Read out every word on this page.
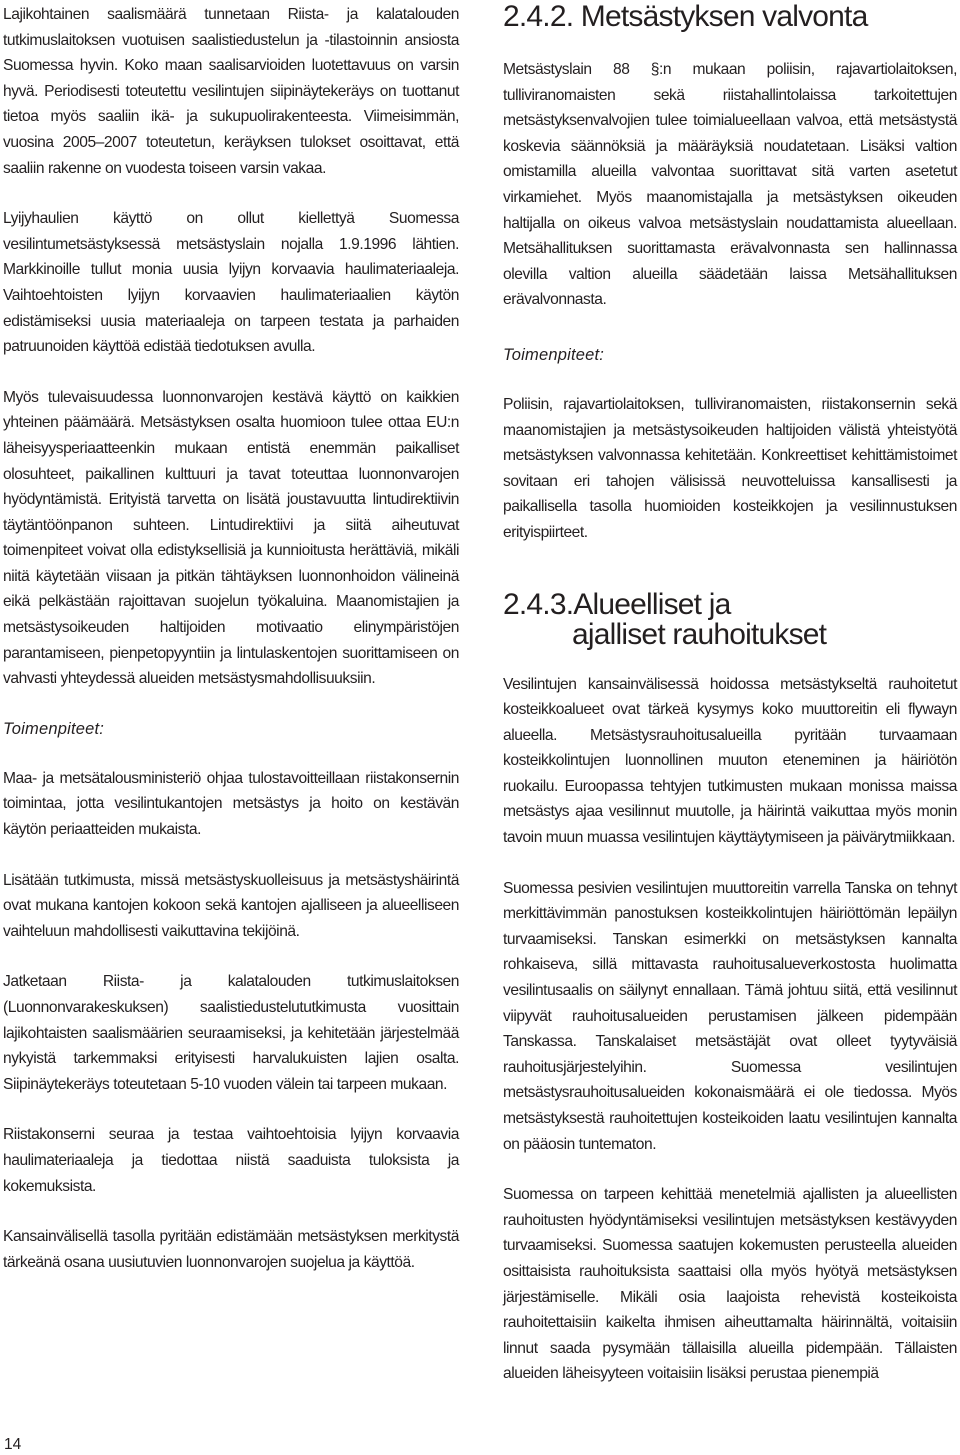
Lajikohtainen saalismäärä tunnetaan Riista- ja kalatalouden tutkimuslaitoksen vuotuisen saalistiedustelun ja -tilastoinnin ansiosta Suomessa hyvin. Koko maan saalisarvioiden luotettavuus on varsin hyvä. Periodisesti toteutettu vesilintujen siipinäytekeräys on tuottanut tietoa myös saaliin ikä- ja sukupuolirakenteesta. Viimeisimmän, vuosina 2005–2007 toteutetun, keräyksen tulokset osoittavat, että saaliin rakenne on vuodesta toiseen varsin vakaa.

Lyijyhaulien käyttö on ollut kiellettyä Suomessa vesilintumetsästyksessä metsästyslain nojalla 1.9.1996 lähtien. Markkinoille tullut monia uusia lyijyn korvaavia haulimateriaaleja. Vaihtoehtoisten lyijyn korvaavien haulimateriaalien käytön edistämiseksi uusia materiaaleja on tarpeen testata ja parhaiden patruunoiden käyttöä edistää tiedotuksen avulla.

Myös tulevaisuudessa luonnonvarojen kestävä käyttö on kaikkien yhteinen päämäärä. Metsästyksen osalta huomioon tulee ottaa EU:n läheisyysperiaatteenkin mukaan entistä enemmän paikalliset olosuhteet, paikallinen kulttuuri ja tavat toteuttaa luonnonvarojen hyödyntämistä. Erityistä tarvetta on lisätä joustavuutta lintudirektiivin täytäntöönpanon suhteen. Lintudirektiivi ja siitä aiheutuvat toimenpiteet voivat olla edistyksellisiä ja kunnioitusta herättäviä, mikäli niitä käytetään viisaan ja pitkän tähtäyksen luonnonhoidon välineinä eikä pelkästään rajoittavan suojelun työkaluina. Maanomistajien ja metsästysoikeuden haltijoiden motivaatio elinympäristöjen parantamiseen, pienpetopyyntiin ja lintulaskentojen suorittamiseen on vahvasti yhteydessä alueiden metsästysmahdollisuuksiin.

Toimenpiteet:

Maa- ja metsätalousministeriö ohjaa tulostavoitteillaan riistakonsernin toimintaa, jotta vesilintukantojen metsästys ja hoito on kestävän käytön periaatteiden mukaista.

Lisätään tutkimusta, missä metsästyskuolleisuus ja metsästyshäirintä ovat mukana kantojen kokoon sekä kantojen ajalliseen ja alueelliseen vaihteluun mahdollisesti vaikuttavina tekijöinä.

Jatketaan Riista- ja kalatalouden tutkimuslaitoksen (Luonnonvarakeskuksen) saalistiedustelututkimusta vuosittain lajikohtaisten saalismäärien seuraamiseksi, ja kehitetään järjestelmää nykyistä tarkemmaksi erityisesti harvalukuisten lajien osalta. Siipinäytekeräys toteutetaan 5-10 vuoden välein tai tarpeen mukaan.

Riistakonserni seuraa ja testaa vaihtoehtoisia lyijyn korvaavia haulimateriaaleja ja tiedottaa niistä saaduista tuloksista ja kokemuksista.

Kansainvälisellä tasolla pyritään edistämään metsästyksen merkitystä tärkeänä osana uusiutuvien luonnonvarojen suojelua ja käyttöä.

2.4.2. Metsästyksen valvonta

Metsästyslain 88 §:n mukaan poliisin, rajavartiolaitoksen, tulliviranomaisten sekä riistahallintolaissa tarkoitettujen metsästyksenvalvojien tulee toimialueellaan valvoa, että metsästystä koskevia säännöksiä ja määräyksiä noudatetaan. Lisäksi valtion omistamilla alueilla valvontaa suorittavat sitä varten asetetut virkamiehet. Myös maanomistajalla ja metsästyksen oikeuden haltijalla on oikeus valvoa metsästyslain noudattamista alueellaan. Metsähallituksen suorittamasta erävalvonnasta sen hallinnassa olevilla valtion alueilla säädetään laissa Metsähallituksen erävalvonnasta.

Toimenpiteet:

Poliisin, rajavartiolaitoksen, tulliviranomaisten, riistakonsernin sekä maanomistajien ja metsästysoikeuden haltijoiden välistä yhteistyötä metsästyksen valvonnassa kehitetään. Konkreettiset kehittämistoimet sovitaan eri tahojen välisissä neuvotteluissa kansallisesti ja paikallisella tasolla huomioiden kosteikkojen ja vesilinnustuksen erityispiirteet.

2.4.3.Alueelliset ja
ajalliset rauhoitukset

Vesilintujen kansainvälisessä hoidossa metsästykseltä rauhoitetut kosteikkoalueet ovat tärkeä kysymys koko muuttoreitin eli flywayn alueella. Metsästysrauhoitusalueilla pyritään turvaamaan kosteikkolintujen luonnollinen muuton eteneminen ja häiriötön ruokailu. Euroopassa tehtyjen tutkimusten mukaan monissa maissa metsästys ajaa vesilinnut muutolle, ja häirintä vaikuttaa myös monin tavoin muun muassa vesilintujen käyttäytymiseen ja päivärytmiikkaan.

Suomessa pesivien vesilintujen muuttoreitin varrella Tanska on tehnyt merkittävimmän panostuksen kosteikkolintujen häiriöttömän lepäilyn turvaamiseksi. Tanskan esimerkki on metsästyksen kannalta rohkaiseva, sillä mittavasta rauhoitusalueverkostosta huolimatta vesilintusaalis on säilynyt ennallaan. Tämä johtuu siitä, että vesilinnut viipyvät rauhoitusalueiden perustamisen jälkeen pidempään Tanskassa. Tanskalaiset metsästäjät ovat olleet tyytyväisiä rauhoitusjärjestelyihin. Suomessa vesilintujen metsästysrauhoitusalueiden kokonaismäärä ei ole tiedossa. Myös metsästyksestä rauhoitettujen kosteikoiden laatu vesilintujen kannalta on pääosin tuntematon.

Suomessa on tarpeen kehittää menetelmiä ajallisten ja alueellisten rauhoitusten hyödyntämiseksi vesilintujen metsästyksen kestävyyden turvaamiseksi. Suomessa saatujen kokemusten perusteella alueiden osittaisista rauhoituksista saattaisi olla myös hyötyä metsästyksen järjestämiselle. Mikäli osia laajoista rehevistä kosteikoista rauhoitettaisiin kaikelta ihmisen aiheuttamalta häirinnältä, voitaisiin linnut saada pysymään tällaisilla alueilla pidempään. Tällaisten alueiden läheisyyteen voitaisiin lisäksi perustaa pienempiä

14
